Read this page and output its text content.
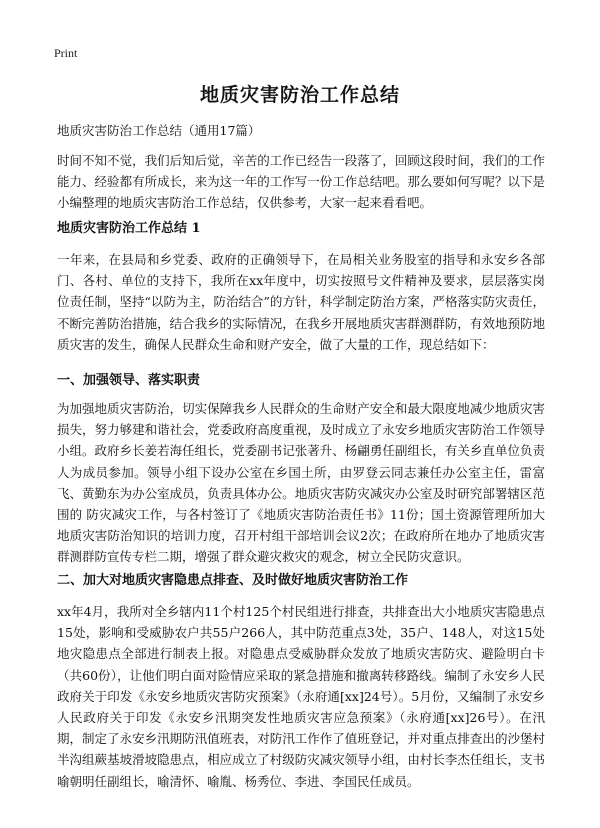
Print
地质灾害防治工作总结

地质灾害防治工作总结（通用17篇）

时间不知不觉，我们后知后觉，辛苦的工作已经告一段落了，回顾这段时间，我们的工作能力、经验都有所成长，来为这一年的工作写一份工作总结吧。那么要如何写呢？以下是小编整理的地质灾害防治工作总结，仅供参考，大家一起来看看吧。

地质灾害防治工作总结 1

一年来，在县局和乡党委、政府的正确领导下，在局相关业务股室的指导和永安乡各部门、各村、单位的支持下，我所在xx年度中，切实按照号文件精神及要求，层层落实岗位责任制，坚持“以防为主，防治结合”的方针，科学制定防治方案，严格落实防灾责任，不断完善防治措施，结合我乡的实际情况，在我乡开展地质灾害群测群防，有效地预防地质灾害的发生，确保人民群众生命和财产安全，做了大量的工作，现总结如下：

一、加强领导、落实职责

为加强地质灾害防治，切实保障我乡人民群众的生命财产安全和最大限度地减少地质灾害损失，努力够建和谐社会，党委政府高度重视，及时成立了永安乡地质灾害防治工作领导小组。政府乡长姜若海任组长，党委副书记张著升、杨翩勇任副组长，有关乡直单位负责人为成员参加。领导小组下设办公室在乡国土所，由罗登云同志兼任办公室主任，雷富飞、黄勤东为办公室成员，负责具体办公。地质灾害防灾减灾办公室及时研究部署辖区范围的 防灾减灾工作，与各村签订了《地质灾害防治责任书》11份；国土资源管理所加大地质灾害防治知识的培训力度，召开村组干部培训会议2次；在政府所在地办了地质灾害群测群防宣传专栏二期，增强了群众避灾救灾的观念，树立全民防灾意识。

二、加大对地质灾害隐患点排查、及时做好地质灾害防治工作

xx年4月，我所对全乡辖内11个村125个村民组进行排查，共排查出大小地质灾害隐患点15处，影响和受威胁农户共55户266人，其中防范重点3处，35户、148人，对这15处地灾隐患点全部进行制表上报。对隐患点受威胁群众发放了地质灾害防灾、避险明白卡（共60份），让他们明白面对险情应采取的紧急措施和撤离转移路线。编制了永安乡人民政府关于印发《永安乡地质灾害防灾预案》（永府通[xx]24号）。5月份，又编制了永安乡人民政府关于印发《永安乡汛期突发性地质灾害应急预案》（永府通[xx]26号）。在汛期，制定了永安乡汛期防汛值班表，对防汛工作作了值班登记，并对重点排查出的沙堡村半沟组蕨基坡滑坡隐患点，相应成立了村级防灾减灾领导小组，由村长李杰任组长，支书喻朝明任副组长，喻清怀、喻胤、杨秀位、李进、李国民任成员。
